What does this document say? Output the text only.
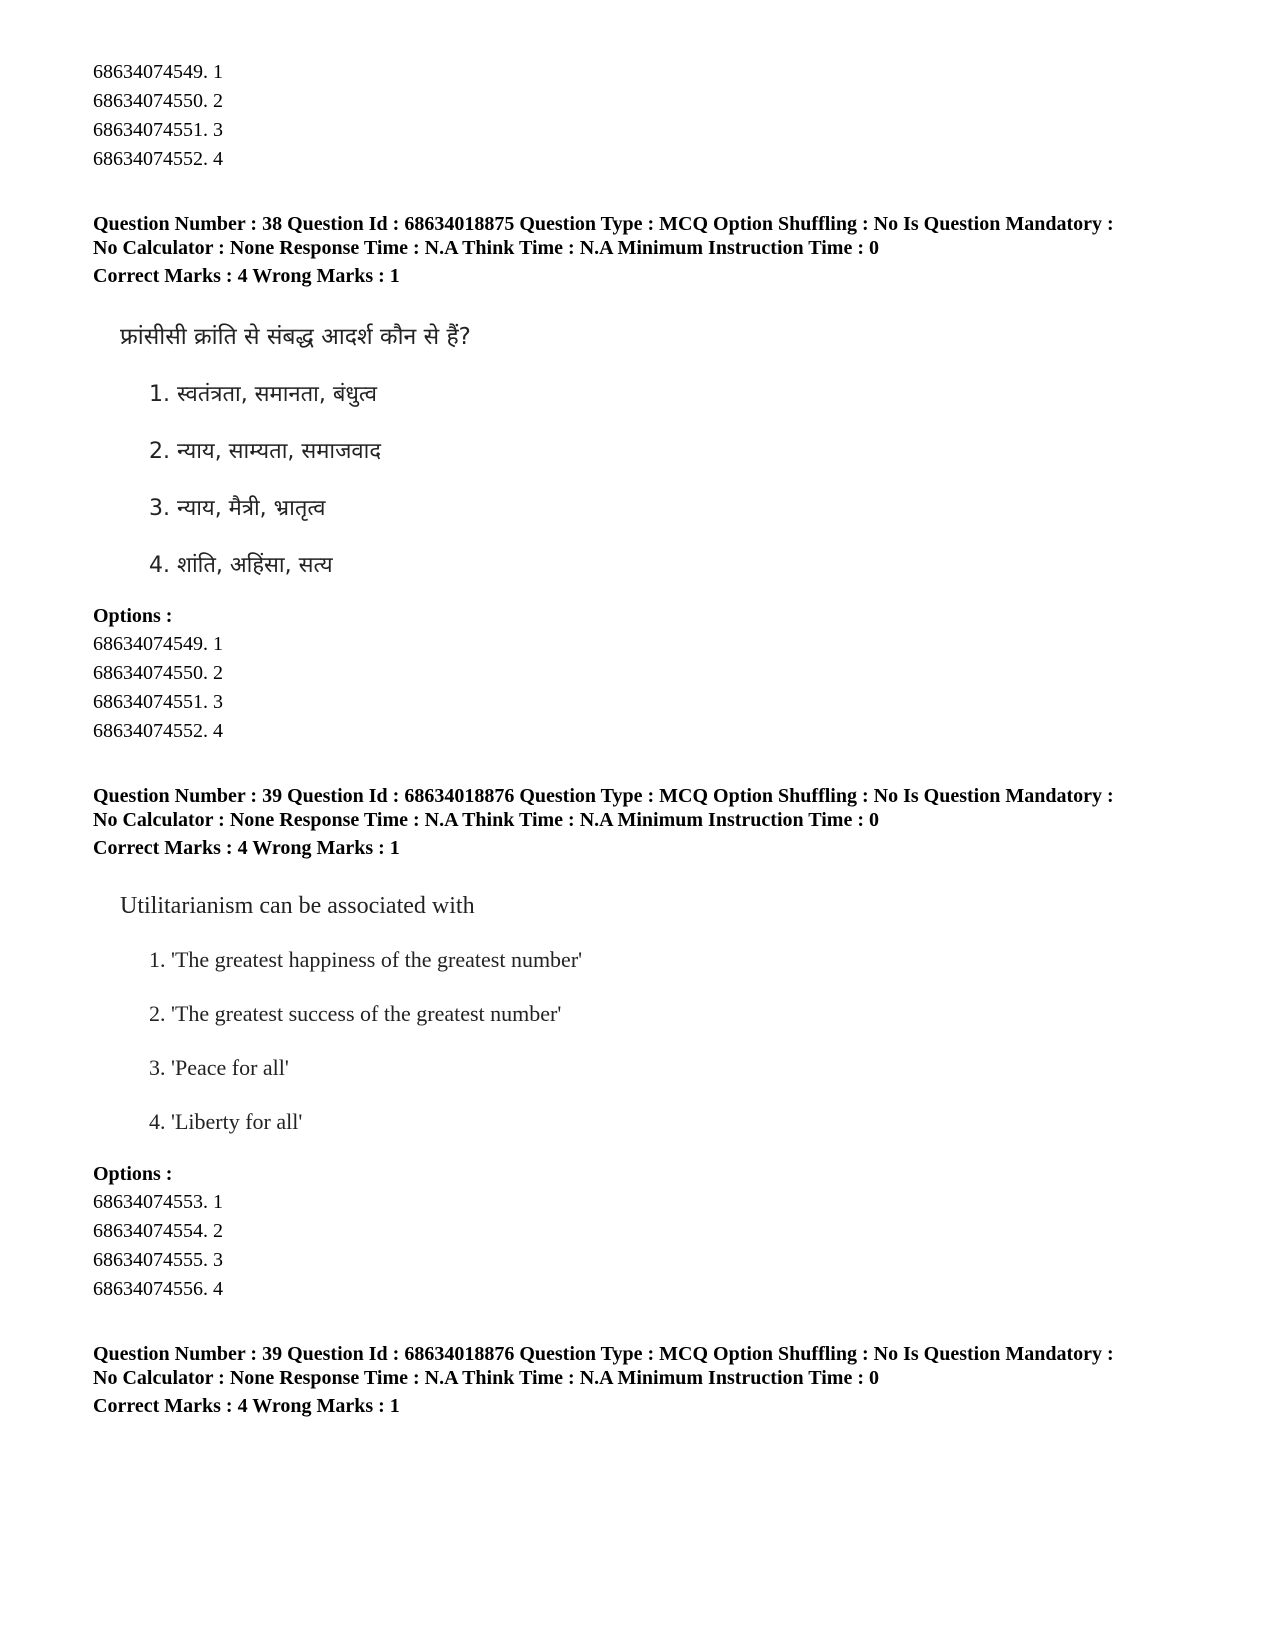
68634074549. 1
68634074550. 2
68634074551. 3
68634074552. 4
Question Number : 38 Question Id : 68634018875 Question Type : MCQ Option Shuffling : No Is Question Mandatory :
No Calculator : None Response Time : N.A Think Time : N.A Minimum Instruction Time : 0
Correct Marks : 4 Wrong Marks : 1
फ्रांसीसी क्रांति से संबद्ध आदर्श कौन से हैं?
1. स्वतंत्रता, समानता, बंधुत्व
2. न्याय, साम्यता, समाजवाद
3. न्याय, मैत्री, भ्रातृत्व
4. शांति, अहिंसा, सत्य
Options :
68634074549. 1
68634074550. 2
68634074551. 3
68634074552. 4
Question Number : 39 Question Id : 68634018876 Question Type : MCQ Option Shuffling : No Is Question Mandatory :
No Calculator : None Response Time : N.A Think Time : N.A Minimum Instruction Time : 0
Correct Marks : 4 Wrong Marks : 1
Utilitarianism can be associated with
1. 'The greatest happiness of the greatest number'
2. 'The greatest success of the greatest number'
3. 'Peace for all'
4. 'Liberty for all'
Options :
68634074553. 1
68634074554. 2
68634074555. 3
68634074556. 4
Question Number : 39 Question Id : 68634018876 Question Type : MCQ Option Shuffling : No Is Question Mandatory :
No Calculator : None Response Time : N.A Think Time : N.A Minimum Instruction Time : 0
Correct Marks : 4 Wrong Marks : 1
